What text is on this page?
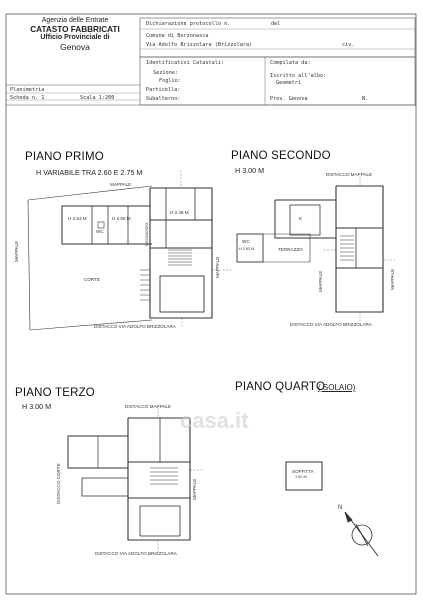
Agenzia delle Entrate
CATASTO FABBRICATI
Ufficio Provinciale di
Genova
Dichiarazione protocollo n.	del
Comune di Borzonasca
Via Adolfo Brizzolara (Brizzolara)	civ.
Identificativi Catastali:
Sezione:
Foglio:
Particella:
Subalterno:
Compilata da:
Iscritto all'albo:
Geometri
Prov. Genova	N.
Planimetria
Scheda n. 1	Scala 1:200
PIANO PRIMO
H VARIABILE TRA 2.60 E 2.75 M
MAPPALE
MAPPALE
MAPPALE
CORTE
DISTACCO VIA ADOLFO BRIZZOLARA
H 2.53 M	H 2.55 M
H 2.46 M
WC	PASSAGGIO
PIANO SECONDO
H 3.00 M	DISTACCO MAPPALE
MAPPALE	MAPPALE
K
WC
H 2.63 M	TERRAZZO
DISTACCO VIA ADOLFO BRIZZOLARA
PIANO TERZO
H 3.00 M	DISTACCO MAPPALE
DISTACCO CORTE	MAPPALE
DISTACCO VIA ADOLFO BRIZZOLARA
PIANO QUARTO
( SOLAIO)
SOFFITTA
1.50 M
N
casa.it
